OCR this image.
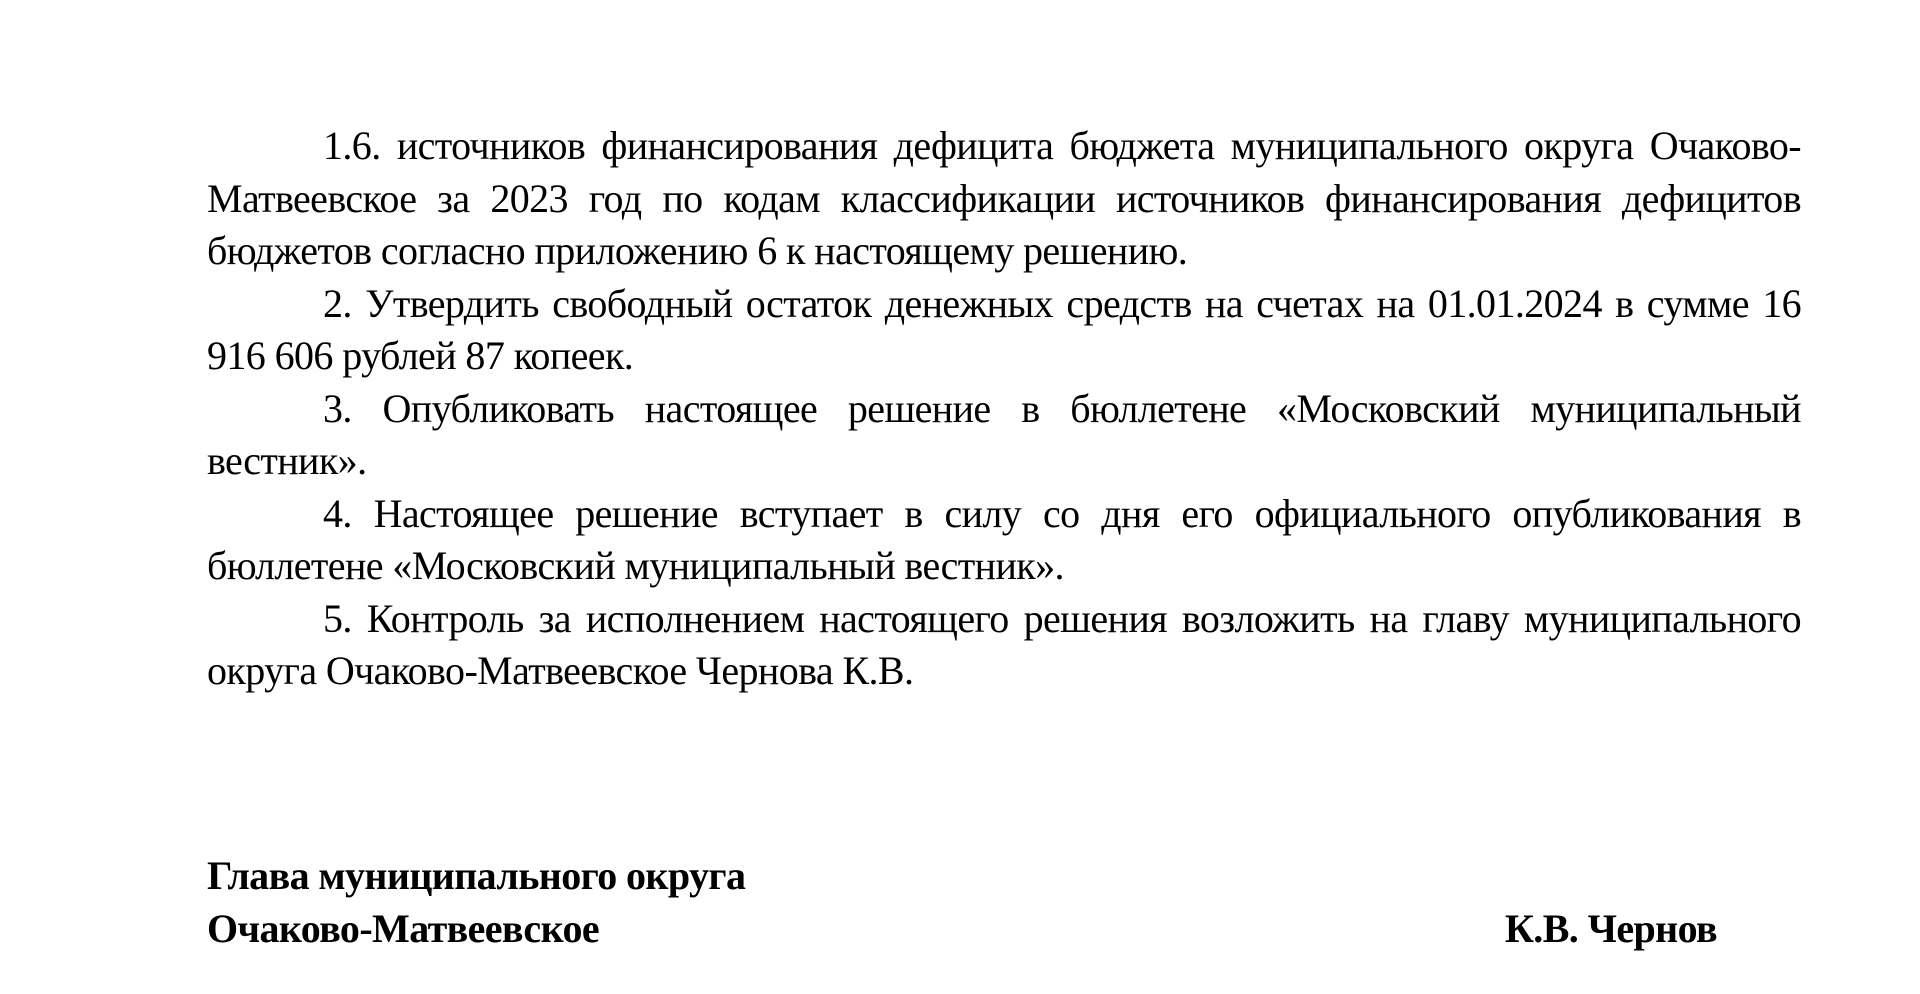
1.6. источников финансирования дефицита бюджета муниципального округа Очаково-Матвеевское за 2023 год по кодам классификации источников финансирования дефицитов бюджетов согласно приложению 6 к настоящему решению.

2. Утвердить свободный остаток денежных средств на счетах на 01.01.2024 в сумме 16 916 606 рублей 87 копеек.

3. Опубликовать настоящее решение в бюллетене «Московский муниципальный вестник».

4. Настоящее решение вступает в силу со дня его официального опубликования в бюллетене «Московский муниципальный вестник».

5. Контроль за исполнением настоящего решения возложить на главу муниципального округа Очаково-Матвеевское Чернова К.В.

Глава муниципального округа
Очаково-Матвеевское	К.В. Чернов
